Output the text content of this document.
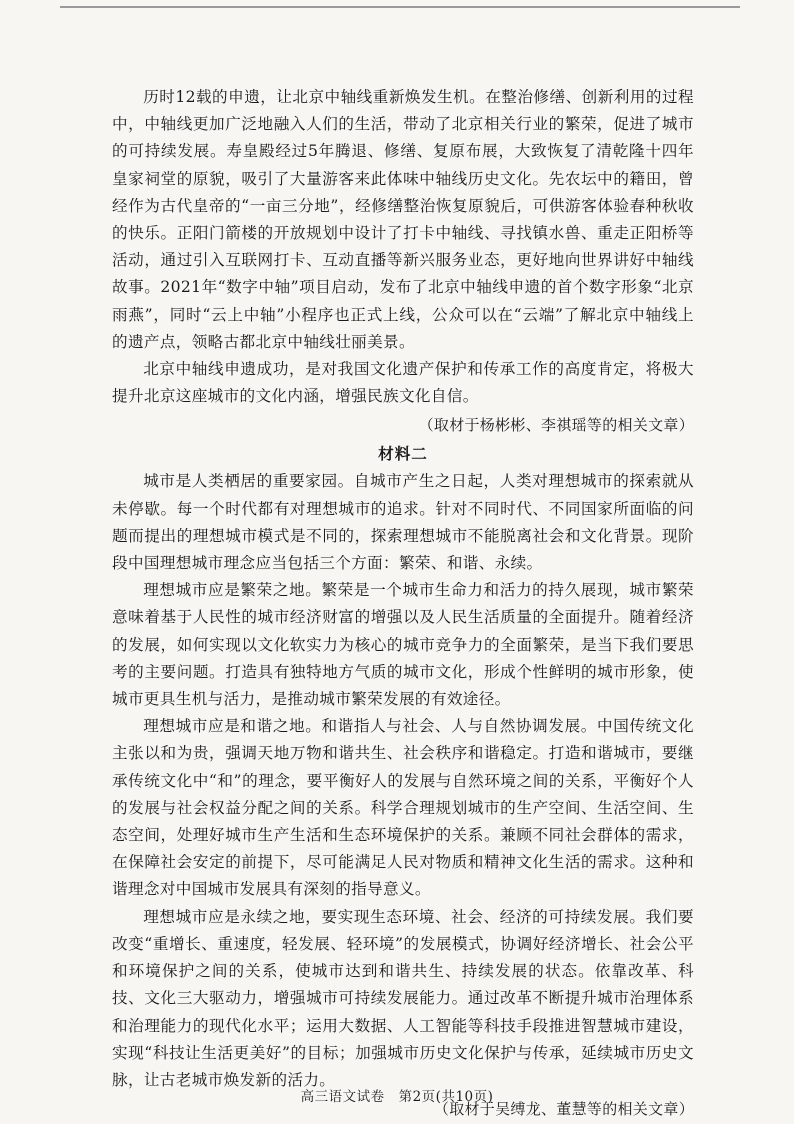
历时12载的申遗，让北京中轴线重新焕发生机。在整治修缮、创新利用的过程中，中轴线更加广泛地融入人们的生活，带动了北京相关行业的繁荣，促进了城市的可持续发展。寿皇殿经过5年腾退、修缮、复原布展，大致恢复了清乾隆十四年皇家祠堂的原貌，吸引了大量游客来此体味中轴线历史文化。先农坛中的籍田，曾经作为古代皇帝的“一亩三分地”，经修缮整治恢复原貌后，可供游客体验春种秋收的快乐。正阳门箭楼的开放规划中设计了打卡中轴线、寻找镇水兽、重走正阳桥等活动，通过引入互联网打卡、互动直播等新兴服务业态，更好地向世界讲好中轴线故事。2021年“数字中轴”项目启动，发布了北京中轴线申遗的首个数字形象“北京雨燕”，同时“云上中轴”小程序也正式上线，公众可以在“云端”了解北京中轴线上的遗产点，领略古都北京中轴线壮丽美景。

北京中轴线申遗成功，是对我国文化遗产保护和传承工作的高度肯定，将极大提升北京这座城市的文化内涵，增强民族文化自信。

（取材于杨彬彬、李祺瑶等的相关文章）
材料二

城市是人类栖居的重要家园。自城市产生之日起，人类对理想城市的探索就从未停歇。每一个时代都有对理想城市的追求。针对不同时代、不同国家所面临的问题而提出的理想城市模式是不同的，探索理想城市不能脱离社会和文化背景。现阶段中国理想城市理念应当包括三个方面：繁荣、和谐、永续。

理想城市应是繁荣之地。繁荣是一个城市生命力和活力的持久展现，城市繁荣意味着基于人民性的城市经济财富的增强以及人民生活质量的全面提升。随着经济的发展，如何实现以文化软实力为核心的城市竞争力的全面繁荣，是当下我们要思考的主要问题。打造具有独特地方气质的城市文化，形成个性鲜明的城市形象，使城市更具生机与活力，是推动城市繁荣发展的有效途径。

理想城市应是和谐之地。和谐指人与社会、人与自然协调发展。中国传统文化主张以和为贵，强调天地万物和谐共生、社会秩序和谐稳定。打造和谐城市，要继承传统文化中“和”的理念，要平衡好人的发展与自然环境之间的关系，平衡好个人的发展与社会权益分配之间的关系。科学合理规划城市的生产空间、生活空间、生态空间，处理好城市生产生活和生态环境保护的关系。兼顾不同社会群体的需求，在保障社会安定的前提下，尽可能满足人民对物质和精神文化生活的需求。这种和谐理念对中国城市发展具有深刻的指导意义。

理想城市应是永续之地，要实现生态环境、社会、经济的可持续发展。我们要改变“重增长、重速度，轻发展、轻环境”的发展模式，协调好经济增长、社会公平和环境保护之间的关系，使城市达到和谐共生、持续发展的状态。依靠改革、科技、文化三大驱动力，增强城市可持续发展能力。通过改革不断提升城市治理体系和治理能力的现代化水平；运用大数据、人工智能等科技手段推进智慧城市建设，实现“科技让生活更美好”的目标；加强城市历史文化保护与传承，延续城市历史文脉，让古老城市焕发新的活力。

（取材于吴缚龙、董慧等的相关文章）
高三语文试卷　第2页(共10页)
